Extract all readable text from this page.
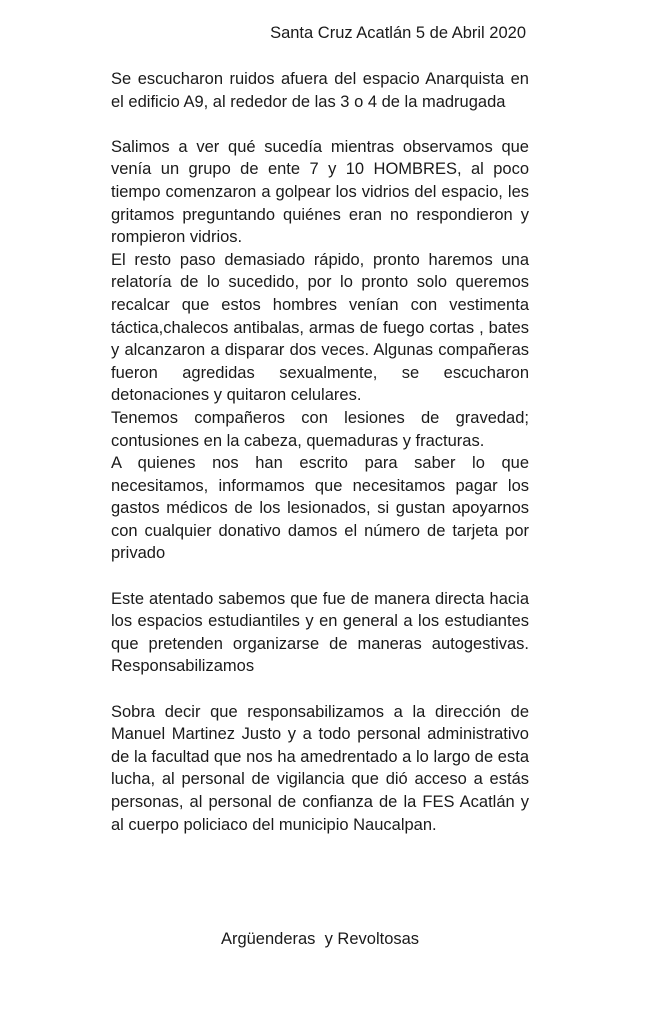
Santa Cruz Acatlán 5 de Abril 2020

Se escucharon ruidos afuera del espacio Anarquista en el edificio A9, al rededor de las 3 o 4 de la madrugada

Salimos a ver qué sucedía mientras observamos que venía un grupo de ente 7 y 10 HOMBRES, al poco tiempo comenzaron a golpear los vidrios del espacio, les gritamos preguntando quiénes eran no respondieron y rompieron vidrios.

El resto paso demasiado rápido, pronto haremos una relatoría de lo sucedido, por lo pronto solo queremos recalcar que estos hombres venían con vestimenta táctica,chalecos antibalas, armas de fuego cortas , bates y alcanzaron a disparar dos veces. Algunas compañeras fueron agredidas sexualmente, se escucharon detonaciones y quitaron celulares.

Tenemos compañeros con lesiones de gravedad; contusiones en la cabeza, quemaduras y fracturas.

A quienes nos han escrito para saber lo que necesitamos, informamos que necesitamos pagar los gastos médicos de los lesionados, si gustan apoyarnos con cualquier donativo damos el número de tarjeta por privado

Este atentado sabemos que fue de manera directa hacia los espacios estudiantiles y en general a los estudiantes que pretenden organizarse de maneras autogestivas. Responsabilizamos

Sobra decir que responsabilizamos a la dirección de Manuel Martinez Justo y a todo personal administrativo de la facultad que nos ha amedrentado a lo largo de esta lucha, al personal de vigilancia que dió acceso a estás personas, al personal de confianza de la FES Acatlán y al cuerpo policiaco del municipio Naucalpan.

Argüenderas  y Revoltosas
